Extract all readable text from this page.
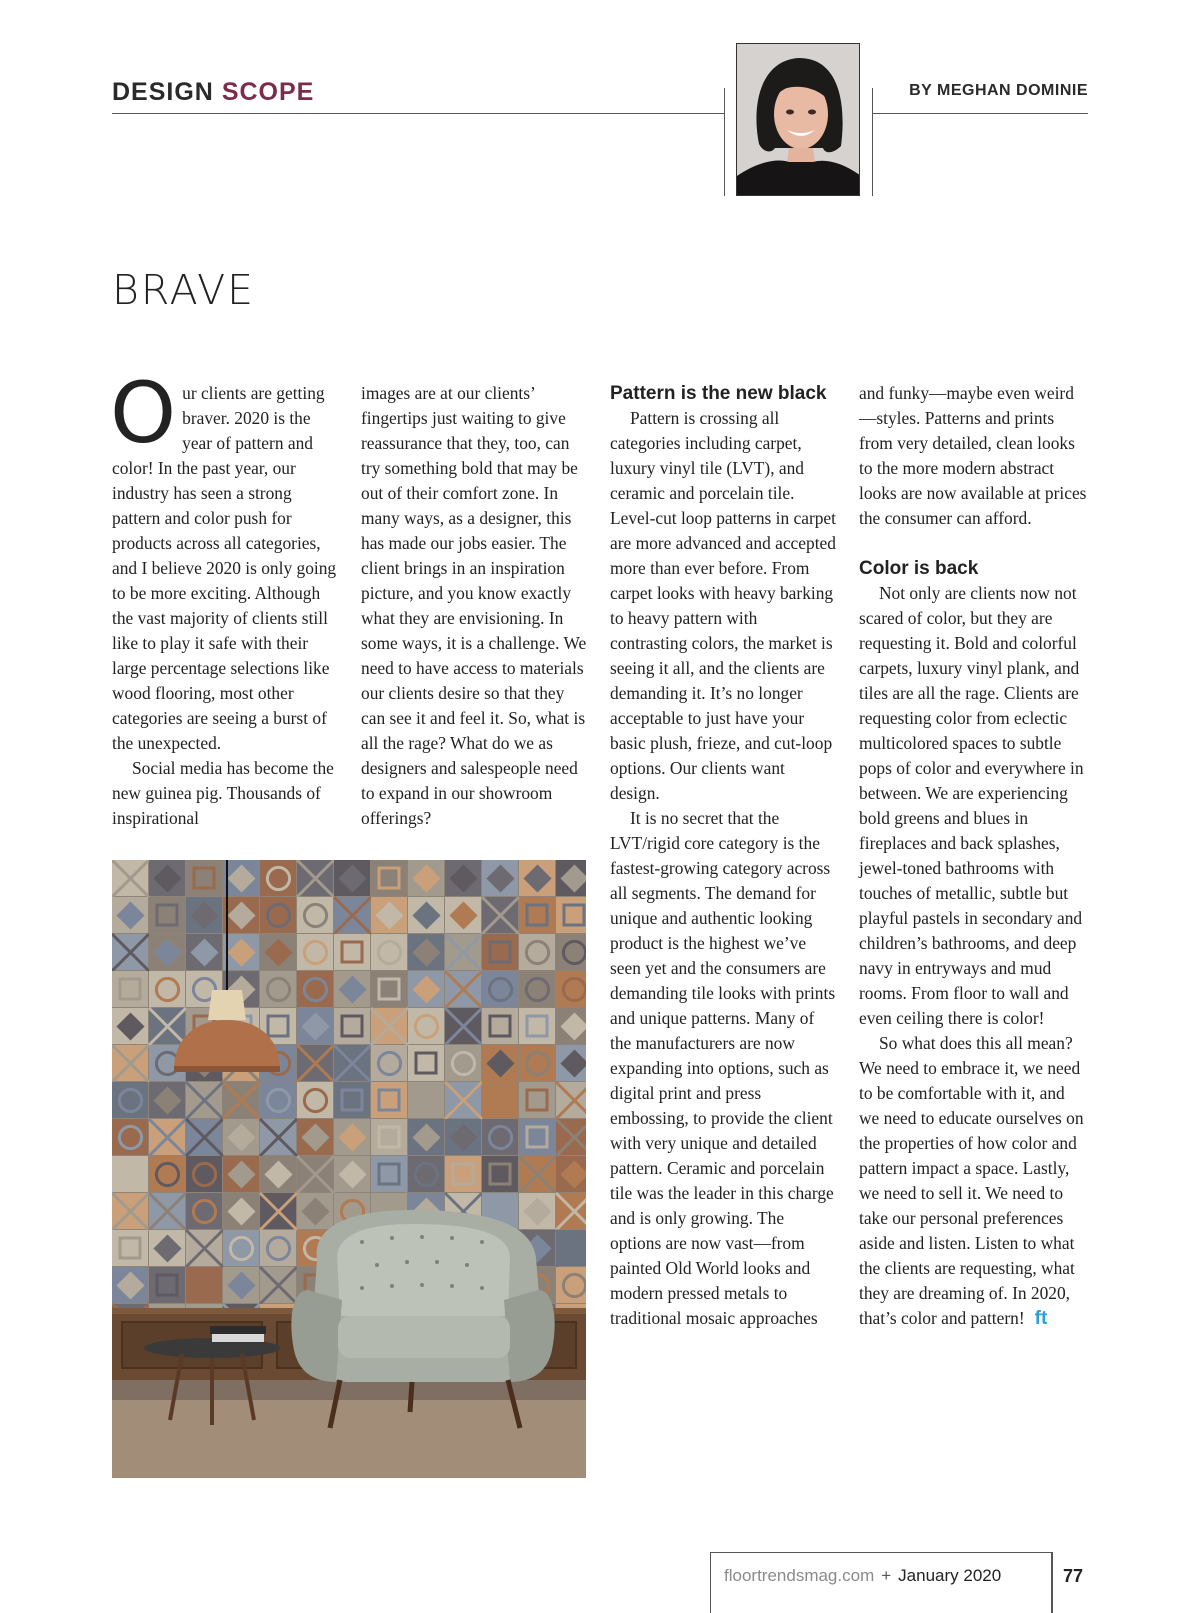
DESIGN SCOPE	BY MEGHAN DOMINIE
BRAVE

Our clients are getting braver. 2020 is the year of pattern and color! In the past year, our industry has seen a strong pattern and color push for products across all categories, and I believe 2020 is only going to be more exciting. Although the vast majority of clients still like to play it safe with their large percentage selections like wood flooring, most other categories are seeing a burst of the unexpected.

Social media has become the new guinea pig. Thousands of inspirational

images are at our clients’ fingertips just waiting to give reassurance that they, too, can try something bold that may be out of their comfort zone. In many ways, as a designer, this has made our jobs easier. The client brings in an inspiration picture, and you know exactly what they are envisioning. In some ways, it is a challenge. We need to have access to materials our clients desire so that they can see it and feel it. So, what is all the rage? What do we as designers and salespeople need to expand in our showroom offerings?

Pattern is the new black

Pattern is crossing all categories including carpet, luxury vinyl tile (LVT), and ceramic and porcelain tile. Level-cut loop patterns in carpet are more advanced and accepted more than ever before. From carpet looks with heavy barking to heavy pattern with contrasting colors, the market is seeing it all, and the clients are demanding it. It’s no longer acceptable to just have your basic plush, frieze, and cut-loop options. Our clients want design.

It is no secret that the LVT/rigid core category is the fastest-growing category across all segments. The demand for unique and authentic looking product is the highest we’ve seen yet and the consumers are demanding tile looks with prints and unique patterns. Many of the manufacturers are now expanding into options, such as digital print and press embossing, to provide the client with very unique and detailed pattern. Ceramic and porcelain tile was the leader in this charge and is only growing. The options are now vast—from painted Old World looks and modern pressed metals to traditional mosaic approaches

and funky—maybe even weird—styles. Patterns and prints from very detailed, clean looks to the more modern abstract looks are now available at prices the consumer can afford.

Color is back

Not only are clients now not scared of color, but they are requesting it. Bold and colorful carpets, luxury vinyl plank, and tiles are all the rage. Clients are requesting color from eclectic multicolored spaces to subtle pops of color and everywhere in between. We are experiencing bold greens and blues in fireplaces and back splashes, jewel-toned bathrooms with touches of metallic, subtle but playful pastels in secondary and children’s bathrooms, and deep navy in entryways and mud rooms. From floor to wall and even ceiling there is color!

So what does this all mean? We need to embrace it, we need to be comfortable with it, and we need to educate ourselves on the properties of how color and pattern impact a space. Lastly, we need to sell it. We need to take our personal preferences aside and listen. Listen to what the clients are requesting, what they are dreaming of. In 2020, that’s color and pattern! ft

floortrendsmag.com + January 2020	77
